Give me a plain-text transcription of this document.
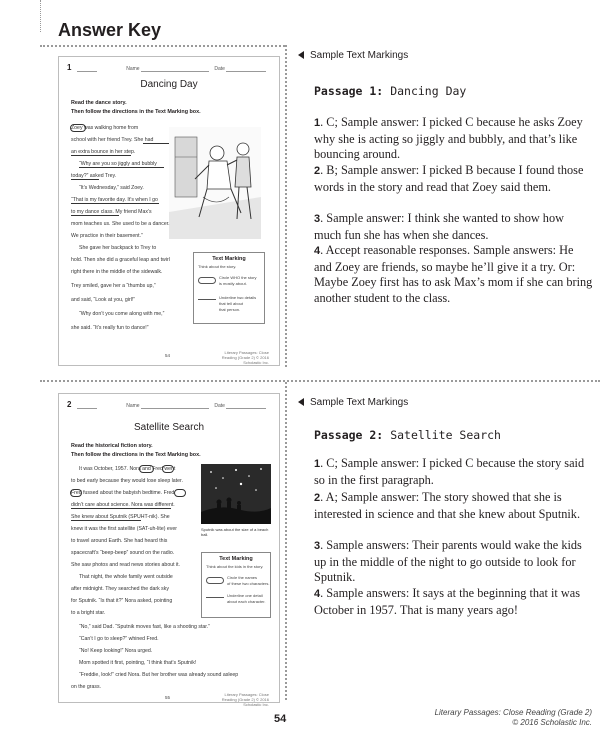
Answer Key
1	Name	Date
Dancing Day
Read the dance story.
Then follow the directions in the Text Marking box.
Zoey was walking home from
school with her friend Trey. She had
an extra bounce in her step.
“Why are you so jiggly and bubbly
today?” asked Trey.
“It’s Wednesday,” said Zoey.
“That is my favorite day. It’s when I go
to my dance class. My friend Max’s
mom teaches us. She used to be a dancer.
We practice in their basement.”
She gave her backpack to Trey to
hold. Then she did a graceful leap and twirl
right there in the middle of the sidewalk.
Trey smiled, gave her a “thumbs up,”
and said, “Look at you, girl!”
“Why don’t you come along with me,”
she said. “It’s really fun to dance!”
Text Marking
Think about the story.
Circle WHO the story
is mostly about.
Underline two details
that tell about
that person.
54
Literary Passages: Close Reading (Grade 2) © 2016 Scholastic Inc.
Sample Text Markings
Passage 1: Dancing Day
1. C; Sample answer: I picked C because he asks Zoey why she is acting so jiggly and bubbly, and that’s like bouncing around.
2. B; Sample answer: I picked B because I found those words in the story and read that Zoey said them.
3. Sample answer: I think she wanted to show how much fun she has when she dances.
4. Accept reasonable responses. Sample answers: He and Zoey are friends, so maybe he’ll give it a try. Or: Maybe Zoey first has to ask Max’s mom if she can bring another student to the class.
2	Name	Date
Satellite Search
Read the historical fiction story.
Then follow the directions in the Text Marking box.
Sputnik was about the size of a beach ball.
It was October, 1957. Nora and Fred went
to bed early because they would lose sleep later.
Fred fussed about the babyish bedtime. Fred
didn’t care about science. Nora was different.
She knew about Sputnik (SPUHT-nik). She
knew it was the first satellite (SAT-uh-lite) ever
to travel around Earth. She had heard this
spacecraft’s “beep-beep” sound on the radio.
She saw photos and read news stories about it.
That night, the whole family went outside
after midnight. They searched the dark sky
for Sputnik. “Is that it?” Nora asked, pointing
to a bright star.
“No,” said Dad. “Sputnik moves fast, like a shooting star.”
“Can’t I go to sleep?” whined Fred.
“No! Keep looking!” Nora urged.
Mom spotted it first, pointing, “I think that’s Sputnik!
“Freddie, look!” cried Nora. But her brother was already sound asleep
on the grass.
Text Marking
Think about the kids in the story.
Circle the names
of these two characters.
Underline one detail
about each character.
55
Literary Passages: Close Reading (Grade 2) © 2016 Scholastic Inc.
Sample Text Markings
Passage 2: Satellite Search
1. C; Sample answer: I picked C because the story said so in the first paragraph.
2. A; Sample answer: The story showed that she is interested in science and that she knew about Sputnik.
3. Sample answers: Their parents would wake the kids up in the middle of the night to go outside to look for Sputnik.
4. Sample answers: It says at the beginning that it was October in 1957. That is many years ago!
54
Literary Passages: Close Reading (Grade 2)
© 2016 Scholastic Inc.
